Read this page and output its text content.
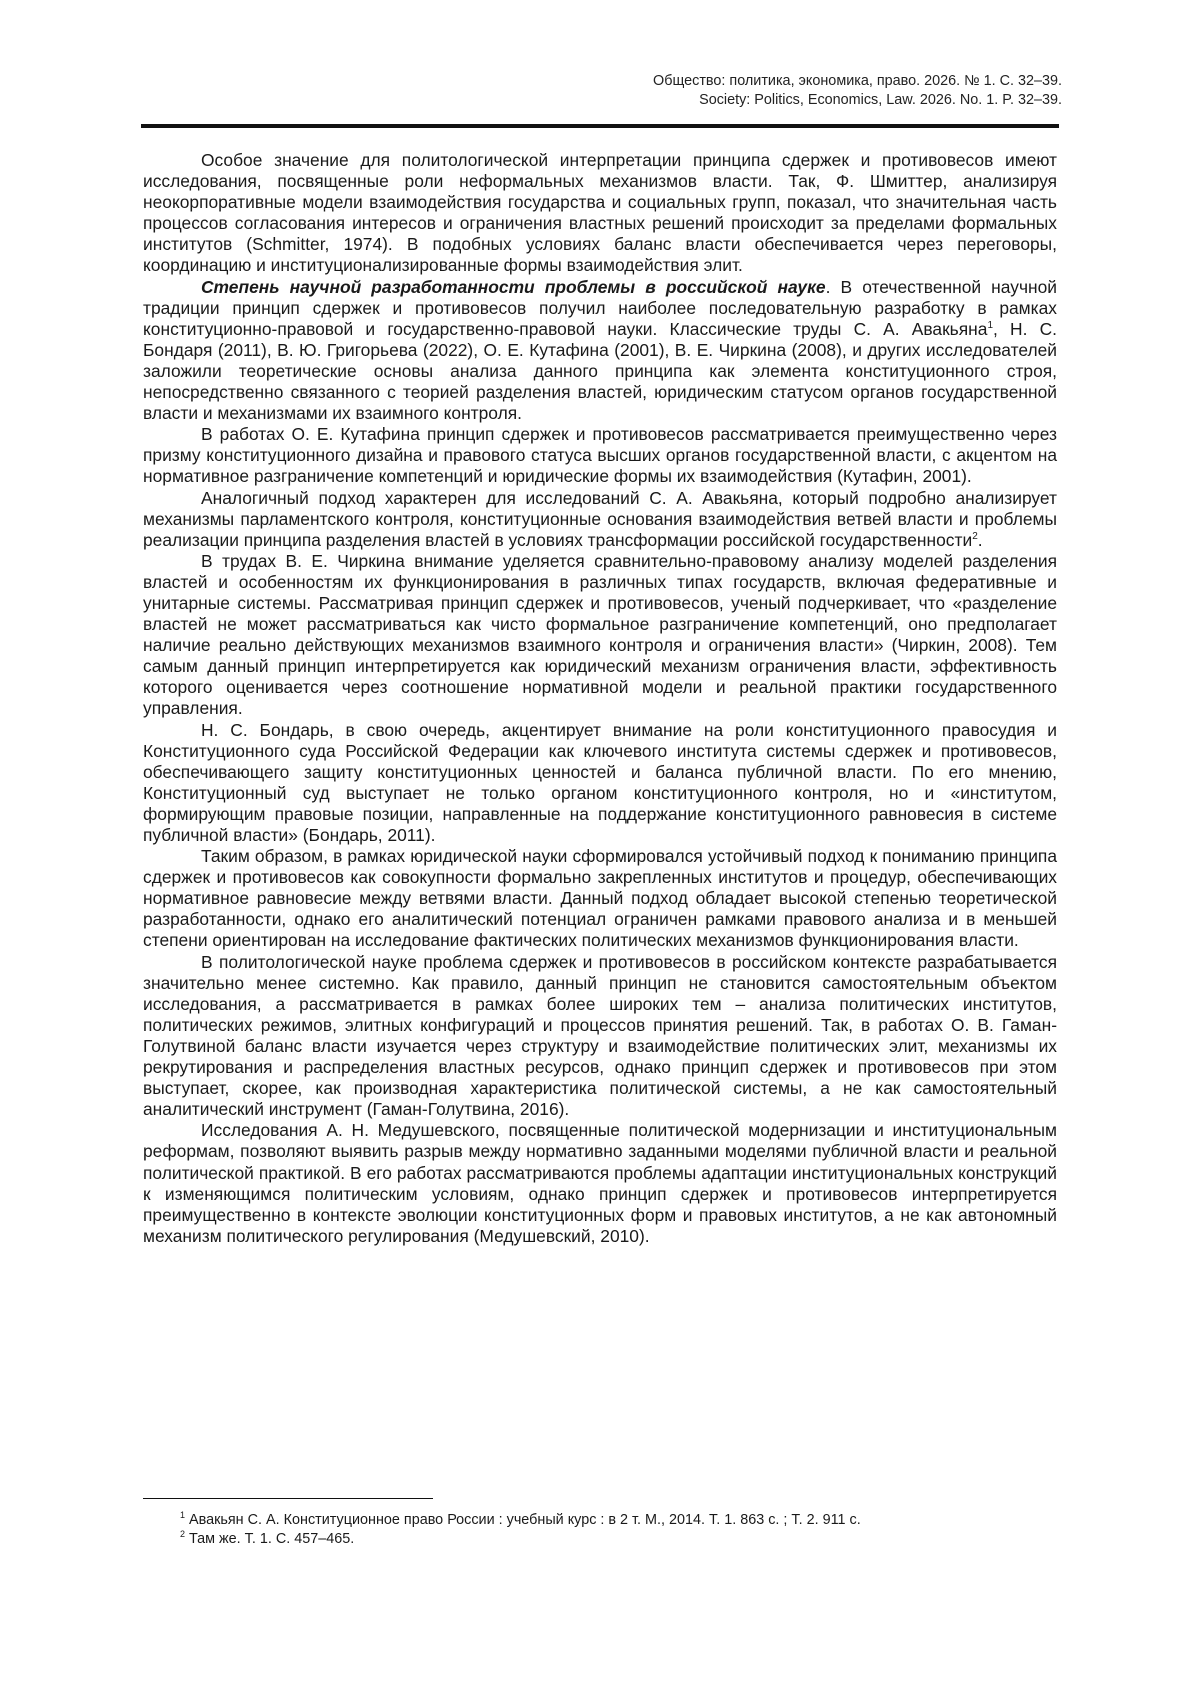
Общество: политика, экономика, право. 2026. № 1. С. 32–39.
Society: Politics, Economics, Law. 2026. No. 1. P. 32–39.

Особое значение для политологической интерпретации принципа сдержек и противовесов имеют исследования, посвященные роли неформальных механизмов власти. Так, Ф. Шмиттер, анализируя неокорпоративные модели взаимодействия государства и социальных групп, показал, что значительная часть процессов согласования интересов и ограничения властных решений происходит за пределами формальных институтов (Schmitter, 1974). В подобных условиях баланс власти обеспечивается через переговоры, координацию и институционализированные формы взаимодействия элит.

Степень научной разработанности проблемы в российской науке. В отечественной научной традиции принцип сдержек и противовесов получил наиболее последовательную разработку в рамках конституционно-правовой и государственно-правовой науки. Классические труды С. А. Авакьяна$^1$, Н. С. Бондаря (2011), В. Ю. Григорьева (2022), О. Е. Кутафина (2001), В. Е. Чиркина (2008), и других исследователей заложили теоретические основы анализа данного принципа как элемента конституционного строя, непосредственно связанного с теорией разделения властей, юридическим статусом органов государственной власти и механизмами их взаимного контроля.

В работах О. Е. Кутафина принцип сдержек и противовесов рассматривается преимущественно через призму конституционного дизайна и правового статуса высших органов государственной власти, с акцентом на нормативное разграничение компетенций и юридические формы их взаимодействия (Кутафин, 2001).

Аналогичный подход характерен для исследований С. А. Авакьяна, который подробно анализирует механизмы парламентского контроля, конституционные основания взаимодействия ветвей власти и проблемы реализации принципа разделения властей в условиях трансформации российской государственности$^2$.

В трудах В. Е. Чиркина внимание уделяется сравнительно-правовому анализу моделей разделения властей и особенностям их функционирования в различных типах государств, включая федеративные и унитарные системы. Рассматривая принцип сдержек и противовесов, ученый подчеркивает, что «разделение властей не может рассматриваться как чисто формальное разграничение компетенций, оно предполагает наличие реально действующих механизмов взаимного контроля и ограничения власти» (Чиркин, 2008). Тем самым данный принцип интерпретируется как юридический механизм ограничения власти, эффективность которого оценивается через соотношение нормативной модели и реальной практики государственного управления.

Н. С. Бондарь, в свою очередь, акцентирует внимание на роли конституционного правосудия и Конституционного суда Российской Федерации как ключевого института системы сдержек и противовесов, обеспечивающего защиту конституционных ценностей и баланса публичной власти. По его мнению, Конституционный суд выступает не только органом конституционного контроля, но и «институтом, формирующим правовые позиции, направленные на поддержание конституционного равновесия в системе публичной власти» (Бондарь, 2011).

Таким образом, в рамках юридической науки сформировался устойчивый подход к пониманию принципа сдержек и противовесов как совокупности формально закрепленных институтов и процедур, обеспечивающих нормативное равновесие между ветвями власти. Данный подход обладает высокой степенью теоретической разработанности, однако его аналитический потенциал ограничен рамками правового анализа и в меньшей степени ориентирован на исследование фактических политических механизмов функционирования власти.

В политологической науке проблема сдержек и противовесов в российском контексте разрабатывается значительно менее системно. Как правило, данный принцип не становится самостоятельным объектом исследования, а рассматривается в рамках более широких тем – анализа политических институтов, политических режимов, элитных конфигураций и процессов принятия решений. Так, в работах О. В. Гаман-Голутвиной баланс власти изучается через структуру и взаимодействие политических элит, механизмы их рекрутирования и распределения властных ресурсов, однако принцип сдержек и противовесов при этом выступает, скорее, как производная характеристика политической системы, а не как самостоятельный аналитический инструмент (Гаман-Голутвина, 2016).

Исследования А. Н. Медушевского, посвященные политической модернизации и институциональным реформам, позволяют выявить разрыв между нормативно заданными моделями публичной власти и реальной политической практикой. В его работах рассматриваются проблемы адаптации институциональных конструкций к изменяющимся политическим условиям, однако принцип сдержек и противовесов интерпретируется преимущественно в контексте эволюции конституционных форм и правовых институтов, а не как автономный механизм политического регулирования (Медушевский, 2010).

$^1$ Авакьян С. А. Конституционное право России : учебный курс : в 2 т. М., 2014. Т. 1. 863 с. ; Т. 2. 911 с.
$^2$ Там же. Т. 1. С. 457–465.
